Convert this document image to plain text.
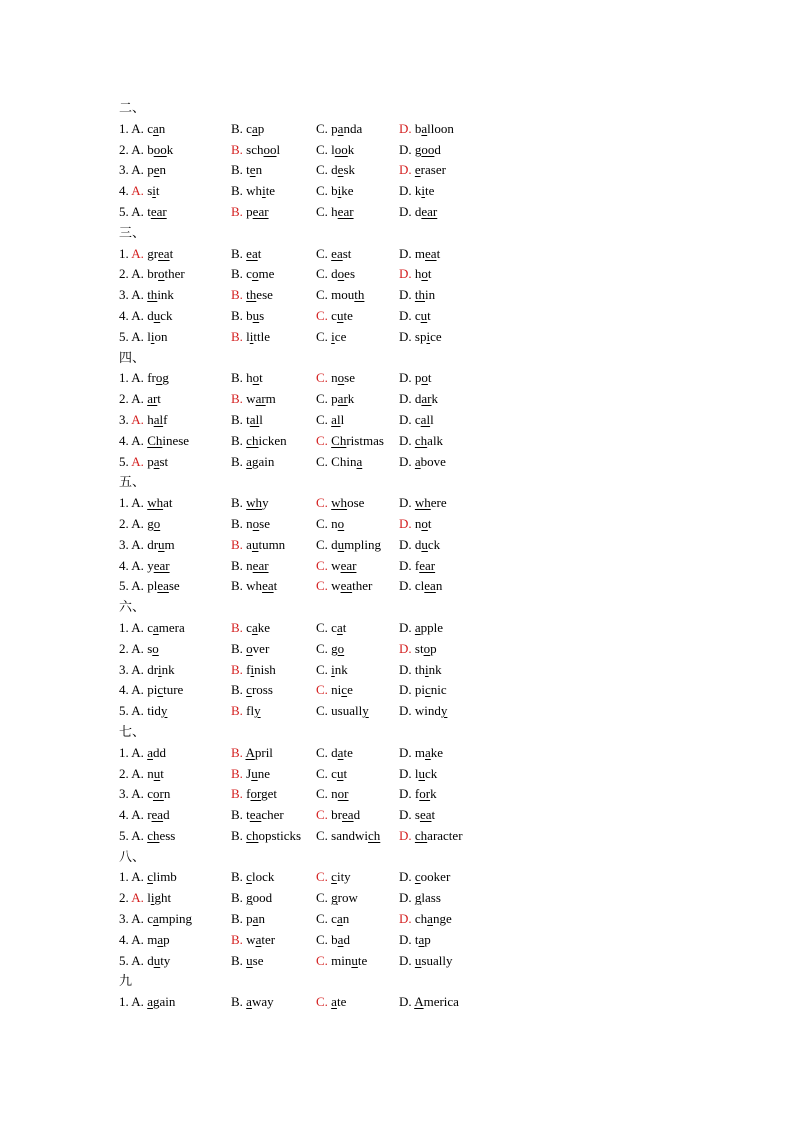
二、
1. A. can	B. cap	C. panda	D. balloon
2. A. book	B. school	C. look	D. good
3. A. pen	B. ten	C. desk	D. eraser
4. A. sit	B. white	C. bike	D. kite
5. A. tear	B. pear	C. hear	D. dear
三、
1. A. great	B. eat	C. east	D. meat
2. A. brother	B. come	C. does	D. hot
3. A. think	B. these	C. mouth	D. thin
4. A. duck	B. bus	C. cute	D. cut
5. A. lion	B. little	C. ice	D. spice
四、
1. A. frog	B. hot	C. nose	D. pot
2. A. art	B. warm	C. park	D. dark
3. A. half	B. tall	C. all	D. call
4. A. Chinese	B. chicken C. Christmas D. chalk
5. A. past	B. again	C. China	D. above
五、
1. A. what	B. why	C. whose	D. where
2. A. go	B. nose	C. no	D. not
3. A. drum	B. autumn C. dumpling D. duck
4. A. year	B. near	C. wear	D. fear
5. A. please	B. wheat	C. weather D. clean
六、
1. A. camera	B. cake	C. cat	D. apple
2. A. so	B. over	C. go	D. stop
3. A. drink	B. finish	C. ink	D. think
4. A. picture	B. cross	C. nice	D. picnic
5. A. tidy	B. fly	C. usually D. windy
七、
1. A. add	B. April	C. date	D. make
2. A. nut	B. June	C. cut	D. luck
3. A. corn	B. forget	C. nor	D. fork
4. A. read	B. teacher C. bread	D. seat
5. A. chess	B. chopsticks C. sandwich D. character
八、
1. A. climb	B. clock	C. city	D. cooker
2. A. light	B. good	C. grow	D. glass
3. A. camping	B. pan	C. can	D. change
4. A. map	B. water	C. bad	D. tap
5. A. duty	B. use	C. minute D. usually
九
1. A. again	B. away	C. ate	D. America
